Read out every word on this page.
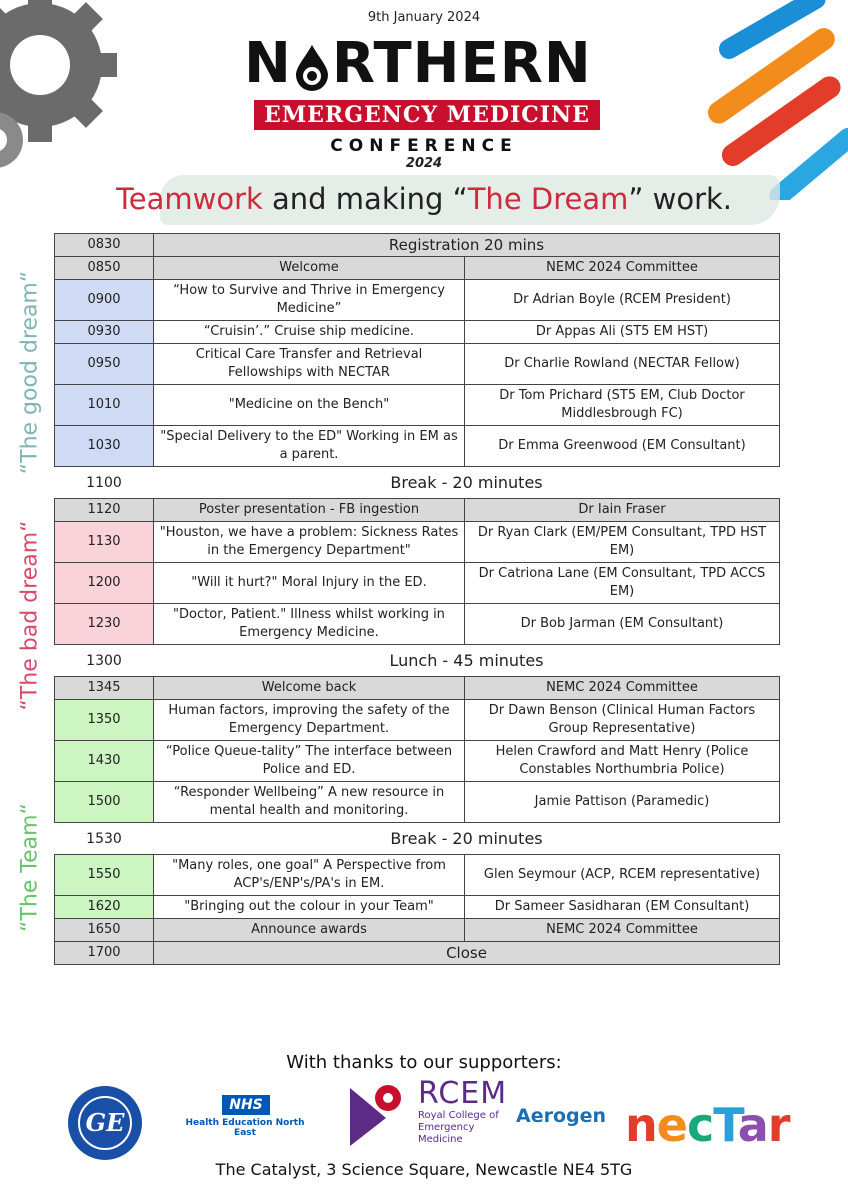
9th January 2024
N RTHERN
EMERGENCY MEDICINE
CONFERENCE
2024
Teamwork and making “The Dream” work.
“The good dream“
“The bad dream“
“The Team“
0830	Registration 20 mins	
0850	Welcome	NEMC 2024 Committee
0900	“How to Survive and Thrive in Emergency Medicine”	Dr Adrian Boyle (RCEM President)
0930	“Cruisin’.” Cruise ship medicine.	Dr Appas Ali (ST5 EM HST)
0950	Critical Care Transfer and Retrieval Fellowships with NECTAR	Dr Charlie Rowland (NECTAR Fellow)
1010	"Medicine on the Bench"	Dr Tom Prichard (ST5 EM, Club Doctor Middlesbrough FC)
1030	"Special Delivery to the ED" Working in EM as a parent.	Dr Emma Greenwood (EM Consultant)
1100	Break - 20 minutes	
1120	Poster presentation - FB ingestion	Dr Iain Fraser
1130	"Houston, we have a problem: Sickness Rates in the Emergency Department"	Dr Ryan Clark (EM/PEM Consultant, TPD HST EM)
1200	"Will it hurt?" Moral Injury in the ED.	Dr Catriona Lane (EM Consultant, TPD ACCS EM)
1230	"Doctor, Patient." Illness whilst working in Emergency Medicine.	Dr Bob Jarman (EM Consultant)
1300	Lunch - 45 minutes	
1345	Welcome back	NEMC 2024 Committee
1350	Human factors, improving the safety of the Emergency Department.	Dr Dawn Benson (Clinical Human Factors Group Representative)
1430	“Police Queue-tality” The interface between Police and ED.	Helen Crawford and Matt Henry (Police Constables Northumbria Police)
1500	“Responder Wellbeing” A new resource in mental health and monitoring.	Jamie Pattison (Paramedic)
1530	Break - 20 minutes	
1550	"Many roles, one goal" A Perspective from ACP's/ENP's/PA's in EM.	Glen Seymour (ACP, RCEM representative)
1620	"Bringing out the colour in your Team"	Dr Sameer Sasidharan (EM Consultant)
1650	Announce awards	NEMC 2024 Committee
1700	Close	
With thanks to our supporters:
GE
NHS
Health Education North East
RCEM
Royal College of Emergency Medicine
Aerogen necTar
The Catalyst, 3 Science Square, Newcastle NE4 5TG
